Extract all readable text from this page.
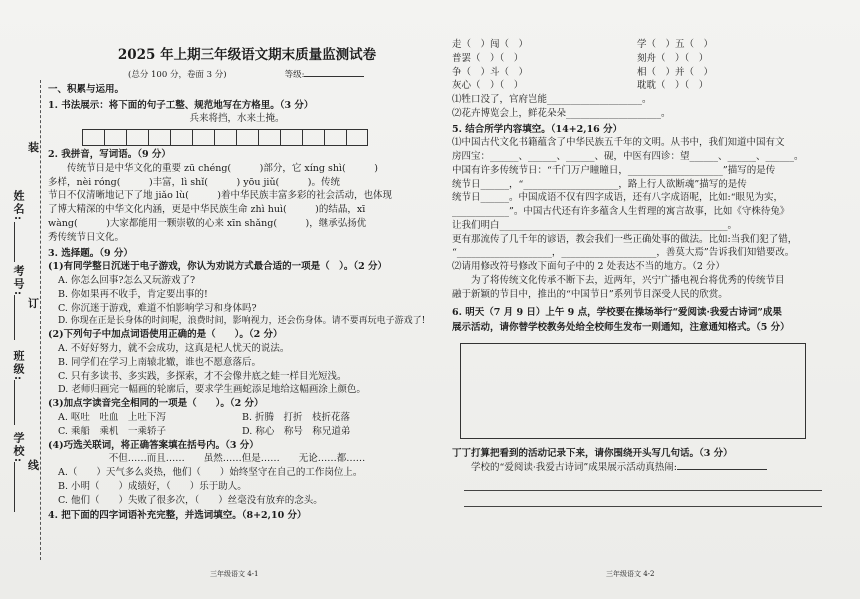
姓名:
考号:
班级:
学校:
装
订
线
2025 年上期三年级语文期末质量监测试卷
(总分 100 分，卷面 3 分)	等级:
一、积累与运用。
1. 书法展示：将下面的句子工整、规范地写在方格里。（3 分）
兵来将挡，水来土掩。
2. 我拼音，写词语。（9 分）
传统节日是中华文化的重要 zū chéng(　　　)部分，它 xíng shì(　　　)
多样，nèi róng(　　　)丰富，lì shǐ(　　　) yōu jiǔ(　　　)。传统
节日不仅清晰地记下了地 jiǎo lù(　　　)着中华民族丰富多彩的社会活动，也体现
了博大精深的中华文化内涵，更是中华民族生命 zhì huì(　　　)的结晶，xī
wàng(　　　)大家都能用一颗崇敬的心来 xīn shǎng(　　　)，继承弘扬优
秀传统节日文化。
3. 选择题。（9 分）
(1)有同学整日沉迷于电子游戏，你认为劝说方式最合适的一项是（　）。（2 分）
A. 你怎么回事?怎么又玩游戏了?
B. 你如果再不收手，肯定要出事的!
C. 你沉迷于游戏，难道不怕影响学习和身体吗?
D. 你现在正是长身体的时间呢，浪费时间，影响视力，还会伤身体。请不要再玩电子游戏了!
(2)下列句子中加点词语使用正确的是（　　）。（2 分）
A. 不好好努力，就不会成功，这真是杞人忧天的说法。
B. 同学们在学习上南辕北辙，谁也不愿意落后。
C. 只有多读书、多实践，多探索，才不会像井底之蛙一样目光短浅。
D. 老师归画完一幅画的轮廓后，要求学生画蛇添足地给这幅画涂上颜色。
(3)加点字读音完全相同的一项是（　　）。（2 分）
A. 呕吐　吐血　上吐下泻	B. 折腾　打折　枝折花落
C. 乘船　乘机　一乘轿子	D. 称心　称号　称兄道弟
(4)巧选关联词，将正确答案填在括号内。（3 分）
不但……而且……　　虽然……但是……　　无论……都……
A.（　　）天气多么炎热，他们（　　）始终坚守在自己的工作岗位上。
B. 小明（　　）成绩好，（　　）乐于助人。
C. 他们（　　）失败了很多次，（　　）丝毫没有放弃的念头。
4. 把下面的四字词语补充完整，并选词填空。（8+2,10 分）
三年级语文 4-1
走（　）闯（　）	学（　）五（　）
普罢（　）（　）	刻舟（　）（　）
争（　）斗（　）	相（　）并（　）
灰心（　）（　）	耽耽（　）（　）
⑴牲口没了，官府岂能____________________。
⑵花卉博览会上，鲜花朵朵____________________。
5. 结合所学内容填空。（14+2,16 分）
⑴中国古代文化书籍蕴含了中华民族五千年的文明。从书中，我们知道中国有文
房四宝：______、______、______、砚，中医有四诊：望______、______、______。
中国有许多传统节日：“千门万户瞳瞳日，____________________”描写的是传
统节日______，“____________________，路上行人欲断魂”描写的是传
统节日______。中国成语不仅有四字成语，还有八字成语呢，比如:“眼见为实，
____________”。中国古代还有许多蕴含人生哲理的寓言故事，比如《守株待兔》
让我们明白________________________________________________。
更有那流传了几千年的谚语，教会我们一些正确处事的做法。比如:当我们犯了错，
“____________________，____________________，善莫大焉”告诉我们知错要改。
⑵请用修改符号修改下面句子中的 2 处表达不当的地方。（2 分）
为了将传统文化传承不断下去，近两年，兴宁广播电视台将优秀的传统节目
融于新颖的节目中，推出的“中国节日”系列节目深受人民的欣赏。
6. 明天（7 月 9 日）上午 9 点，学校要在操场举行“爱阅读·我爱古诗词”成果
展示活动，请你替学校教务处给全校师生发布一则通知，注意通知格式。（5 分）
丁丁打算把看到的活动记录下来，请你围绕开头写几句话。（3 分）
学校的“爱阅读·我爱古诗词”成果展示活动真热闹:
三年级语文 4-2
